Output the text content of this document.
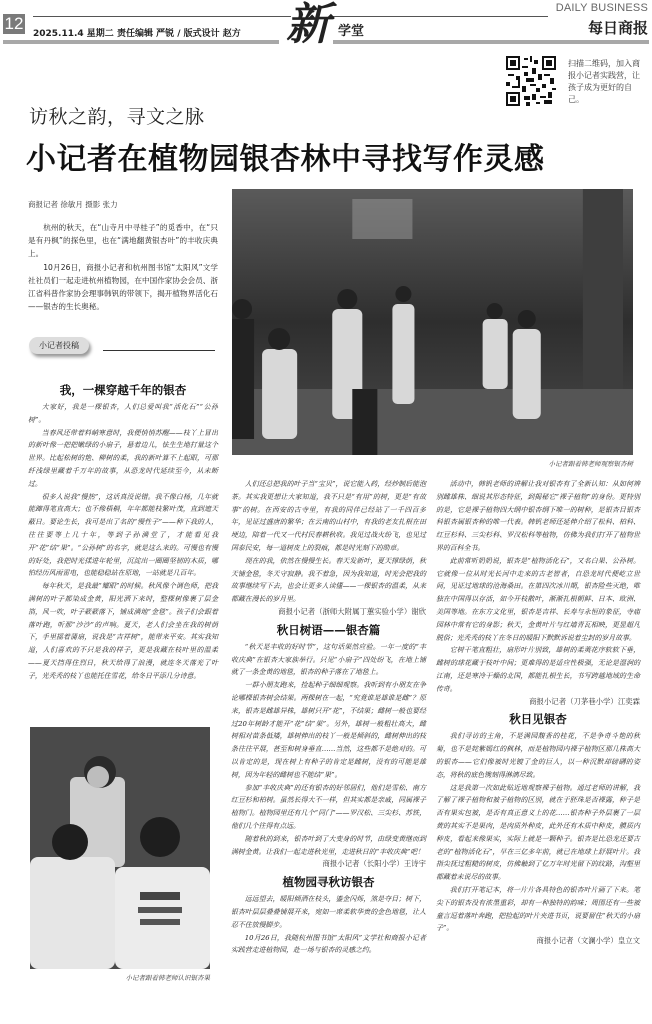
12
2025.11.4 星期二 责任编辑 严锐 / 版式设计 赵方 新 学堂
DAILY BUSINESS
每日商报
扫描二维码，加入商报小记者实践营，让孩子成为更好的自己。
访秋之韵，寻文之脉
小记者在植物园银杏林中寻找写作灵感
商报记者 徐敏月 摄影 张力

杭州的秋天，在“山寺月中寻桂子”的觅香中，在“只是有丹枫”的探色里，也在“满地翻黄银杏叶”的丰收庆典上。

10月26日，商报小记者和杭州图书馆“太阳风”文学社社员们一起走进杭州植物园，在中国作家协会会员、浙江省科普作家协会理事韩钒的带领下，揭开植物界活化石——银杏的生长奥秘。

小记者跟着韩老师观察银杏树
小记者投稿
我，一棵穿越千年的银杏

大家好，我是一棵银杏，人们总爱叫我“活化石”“公孙树”。

当春风还带着料峭寒意时，我便悄悄苏醒——枝丫上冒出的新叶像一把把嫩绿的小扇子，悬着边儿，怯生生地打量这个世界。比起松树的艳、柳树的柔，我的新叶算不上起眼，可那纤浅绿里藏着千万年的故事，从恐龙时代延续至今，从未断过。

很多人说我“慢热”，这话真没说错。我不像白杨，几年就能蹿得笔直高大；也不像梧桐，年年都能枝繁叶茂，直到遮天蔽日。要论生长，我可是出了名的“慢性子”——种下我的人，往往要等上几十年，等到子孙满堂了，才能看见我开“花”结“果”。“公孙树”的名字，就是这么来的。可慢也有慢的好处，我把时光揉进年轮里，沉淀出一圈圈坚韧的木质，哪怕经历风雨雷电，也能稳稳站在原地，一站就是几百年。

每年秋天，是我最“耀眼”的时候。秋风像个调色师，把我满树的叶子都染成金黄，阳光洒下来时，整棵树像裹了层金箔，风一吹，叶子簌簌落下，铺成满地“金毯”。孩子们会跟着落叶跑，听那“沙沙”的声响。夏天，老人们会坐在我的树荫下，手里摇着蒲扇，说我是“吉祥树”，能带来平安。其实我知道，人们喜欢的不只是我的样子，更是我藏在枝叶里的温柔——夏天挡得住烈日，秋天给得了浪漫，就连冬天落光了叶子，光秃秃的枝丫也能托住雪花，给冬日平添几分诗意。

小记者跟着韩老师认识银杏果

人们还总把我的叶子当“宝贝”，说它能入药，经炒制后能泡茶。其实我更想让大家知道，我不只是“有用”的树，更是“有故事”的树。在西安的古寺里，有我的同伴已经站了一千四百多年，见证过盛唐的繁华；在云南的山村中，有我的老友扎根在田埂边，陪着一代又一代村民春耕秋收。我见过战火纷飞，也见过国泰民安，每一道树皮上的裂痕，都是时光刻下的勋章。

现在的我，依然在慢慢生长。春天发新叶，夏天撑绿荫，秋天铺金毯，冬天守寂静。我不着急，因为我知道，时光会把我的故事继续写下去，也会让更多人读懂——一棵银杏的温柔，从来都藏在漫长的岁月里。

商报小记者（浙师大附属丁蕙实验小学）谢欣
秋日树语——银杏篇

“秋天是丰收的好时节”，这句话果然应验。一年一度的“丰收庆典”在银杏大家族举行。只见“小扇子”四处纷飞，在地上铺就了一条金黄的地毯，银杏的种子落在了地毯上。

一群小朋友跑来，捡起种子细细观察。我听到有小朋友在争论哪棵银杏树会结果。两棵树在一起，“究竟谁是雄谁是雌”？原来，银杏是雌雄异株，雄树只开“花”，不结果；雌树一般也要经过20年树龄才能开“花”结“果”。另外，雄树一般粗壮高大，雌树相对苗条低矮，雄树伸出的枝丫一般是倾斜的，雌树伸出的枝条往往平展，甚至和树身垂直……当然，这些都不是绝对的。可以肯定的是，现在树上有种子的肯定是雌树，没有的可能是雄树，因为年轻的雌树也不能结“果”。

参加“丰收庆典”的还有银杏的好邻居们，他们是雪松、南方红豆杉和柏树。虽然长得大不一样，但其实都是亲戚，同属裸子植物门。植物园里还有几个“同门”——罗汉松、三尖杉、苏铁，他们几个往得有点远。

随着秋的到来，银杏叶到了大变身的时节，由绿变黄继而到满树金黄。让我们一起走进秋光里，走进秋日的“丰收庆典”吧！

商报小记者（长阳小学）王诗宇
植物园寻秋访银杏

远远望去，暖阳倾洒在枝头，鎏金闪烁，煞是夺目；树下，银杏叶层层叠叠铺展开来，宛如一席柔软华贵的金色地毯，让人忍不住放慢脚步。

10月26日，我随杭州图书馆“太阳风”文学社和商报小记者实践营走进植物园，赴一场与银杏的灵感之约。

活动中，韩钒老师的讲解让我对银杏有了全新认知：从如何辨别雌雄株、细说其形态特征，到揭秘它“裸子植物”的身份。更特别的是，它是裸子植物四大纲中银杏纲下唯一的树种，是银杏目银杏科银杏属银杏种的唯一代表。韩钒老师还延伸介绍了松科、柏科、红豆杉科、三尖杉科、罗汉松科等植物，仿佛为我们打开了植物世界的百科全书。

此前常听奶奶说，银杏是“植物活化石”，又名白果、公孙树。它就像一位从时光长河中走来的古老智者，自恐龙时代便屹立世间，见证过地球的沧海桑田。在第四次冰川期，银杏险些灭绝，唯独在中国得以存活，如今开枝散叶，渐渐扎根朝鲜、日本、欧洲、美国等地。在东方文化里，银杏是吉祥、长寿与永恒的象征，寺庙园林中常有它的身影；秋天，金黄叶片与红墙青瓦相映，更显超凡脱俗；光秃秃的枝丫在冬日的暖阳下默默诉说着尘封的岁月故事。

它树干笔直粗壮，扇形叶片别致，雄树的柔荑花序软软下垂，雌树的球花藏于枝叶中间；更难得的是适应性极强，无论是湿润的江南，还是寒冷干燥的北国，都能扎根生长，书写跨越地域的生命传奇。

商报小记者（刀茅巷小学）江奕霖
秋日见银杏

我们寻访的主角，不是满园馥香的桂花，不是争奇斗艳的秋菊，也不是姹紫嫣红的枫林，而是植物园内裸子植物区那几株高大的银杏——它们像被时光镀了金的巨人，以一种沉默却磅礴的姿态，将秋的底色镌刻得淋漓尽致。

这是我第一次如此贴近地观察裸子植物。通过老师的讲解，我了解了裸子植物和被子植物的区别，就在于胚珠是否裸露，种子是否有果实包被，是否有真正意义上的花……银杏种子外层裹了一层黄的其实不是果肉，是肉质外种皮，此外还有木质中种皮，膜质内种皮，看起来像果实，实际上就是一颗种子。银杏是比恐龙还要古老的“植物活化石”，早在三亿多年前，就已在地球上舒展叶片。我指尖抚过粗糙的树皮，仿佛触到了亿万年时光留下的纹路，沟壑里都藏着未说尽的故事。

我们打开笔记本，将一片片各具特色的银杏叶片画了下来。笔尖下的银杏没有浓墨重彩，却有一种独特的韵味；周围还有一些被童言逗着落叶奔跑，把捡起的叶片夹进书页，说要留住“秋天的小扇子”。

商报小记者（文澜小学）皇立文
